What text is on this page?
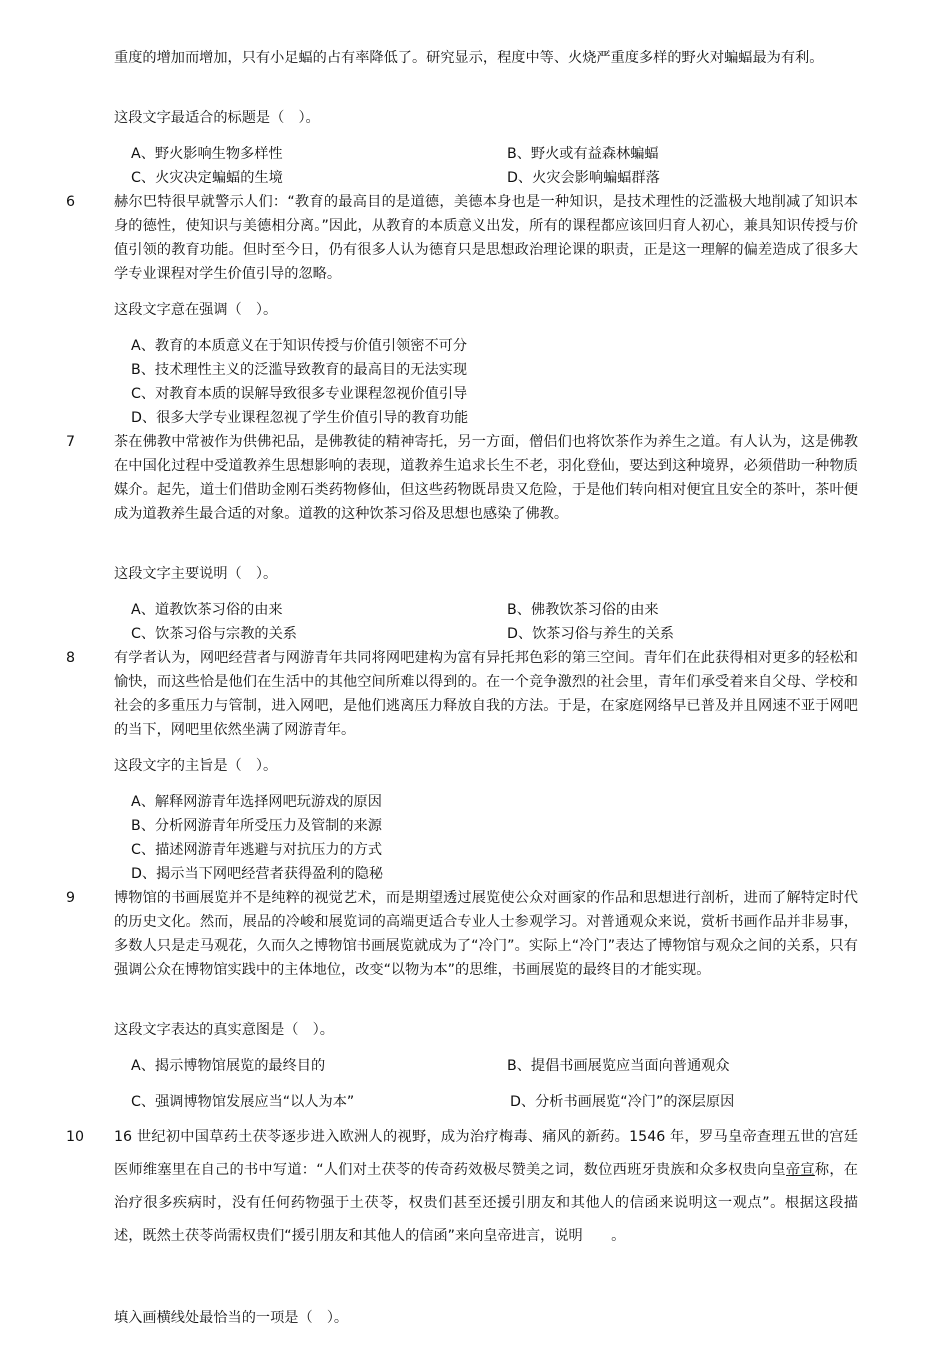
重度的增加而增加，只有小足蝠的占有率降低了。研究显示，程度中等、火烧严重度多样的野火对蝙蝠最为有利。

这段文字最适合的标题是（　）。

A、野火影响生物多样性	B、野火或有益森林蝙蝠
C、火灾决定蝙蝠的生境	D、火灾会影响蝙蝠群落
6	赫尔巴特很早就警示人们：“教育的最高目的是道德，美德本身也是一种知识，是技术理性的泛滥极大地削减了知识本身的德性，使知识与美德相分离。”因此，从教育的本质意义出发，所有的课程都应该回归育人初心，兼具知识传授与价值引领的教育功能。但时至今日，仍有很多人认为德育只是思想政治理论课的职责，正是这一理解的偏差造成了很多大学专业课程对学生价值引导的忽略。

这段文字意在强调（　）。

A、教育的本质意义在于知识传授与价值引领密不可分
B、技术理性主义的泛滥导致教育的最高目的无法实现
C、对教育本质的误解导致很多专业课程忽视价值引导
D、很多大学专业课程忽视了学生价值引导的教育功能
7	茶在佛教中常被作为供佛祀品，是佛教徒的精神寄托，另一方面，僧侣们也将饮茶作为养生之道。有人认为，这是佛教在中国化过程中受道教养生思想影响的表现，道教养生追求长生不老，羽化登仙，要达到这种境界，必须借助一种物质媒介。起先，道士们借助金刚石类药物修仙，但这些药物既昂贵又危险，于是他们转向相对便宜且安全的茶叶，茶叶便成为道教养生最合适的对象。道教的这种饮茶习俗及思想也感染了佛教。

这段文字主要说明（　）。

A、道教饮茶习俗的由来	B、佛教饮茶习俗的由来
C、饮茶习俗与宗教的关系	D、饮茶习俗与养生的关系
8	有学者认为，网吧经营者与网游青年共同将网吧建构为富有异托邦色彩的第三空间。青年们在此获得相对更多的轻松和愉快，而这些恰是他们在生活中的其他空间所难以得到的。在一个竞争激烈的社会里，青年们承受着来自父母、学校和社会的多重压力与管制，进入网吧，是他们逃离压力释放自我的方法。于是，在家庭网络早已普及并且网速不亚于网吧的当下，网吧里依然坐满了网游青年。

这段文字的主旨是（　）。

A、解释网游青年选择网吧玩游戏的原因
B、分析网游青年所受压力及管制的来源
C、描述网游青年逃避与对抗压力的方式
D、揭示当下网吧经营者获得盈利的隐秘
9	博物馆的书画展览并不是纯粹的视觉艺术，而是期望透过展览使公众对画家的作品和思想进行剖析，进而了解特定时代的历史文化。然而，展品的冷峻和展览词的高端更适合专业人士参观学习。对普通观众来说，赏析书画作品并非易事，多数人只是走马观花，久而久之博物馆书画展览就成为了“冷门”。实际上“冷门”表达了博物馆与观众之间的关系，只有强调公众在博物馆实践中的主体地位，改变“以物为本”的思维，书画展览的最终目的才能实现。

这段文字表达的真实意图是（　）。

A、揭示博物馆展览的最终目的	B、提倡书画展览应当面向普通观众
C、强调博物馆发展应当“以人为本”	D、分析书画展览“冷门”的深层原因
10 16 世纪初中国草药土茯苓逐步进入欧洲人的视野，成为治疗梅毒、痛风的新药。1546 年，罗马皇帝查理五世的宫廷医师维塞里在自己的书中写道：“人们对土茯苓的传奇药效极尽赞美之词，数位西班牙贵族和众多权贵向皇帝宣称，在治疗很多疾病时，没有任何药物强于土茯苓，权贵们甚至还援引朋友和其他人的信函来说明这一观点”。根据这段描述，既然土茯苓尚需权贵们“援引朋友和其他人的信函”来向皇帝进言，说明　　。

填入画横线处最恰当的一项是（　）。
